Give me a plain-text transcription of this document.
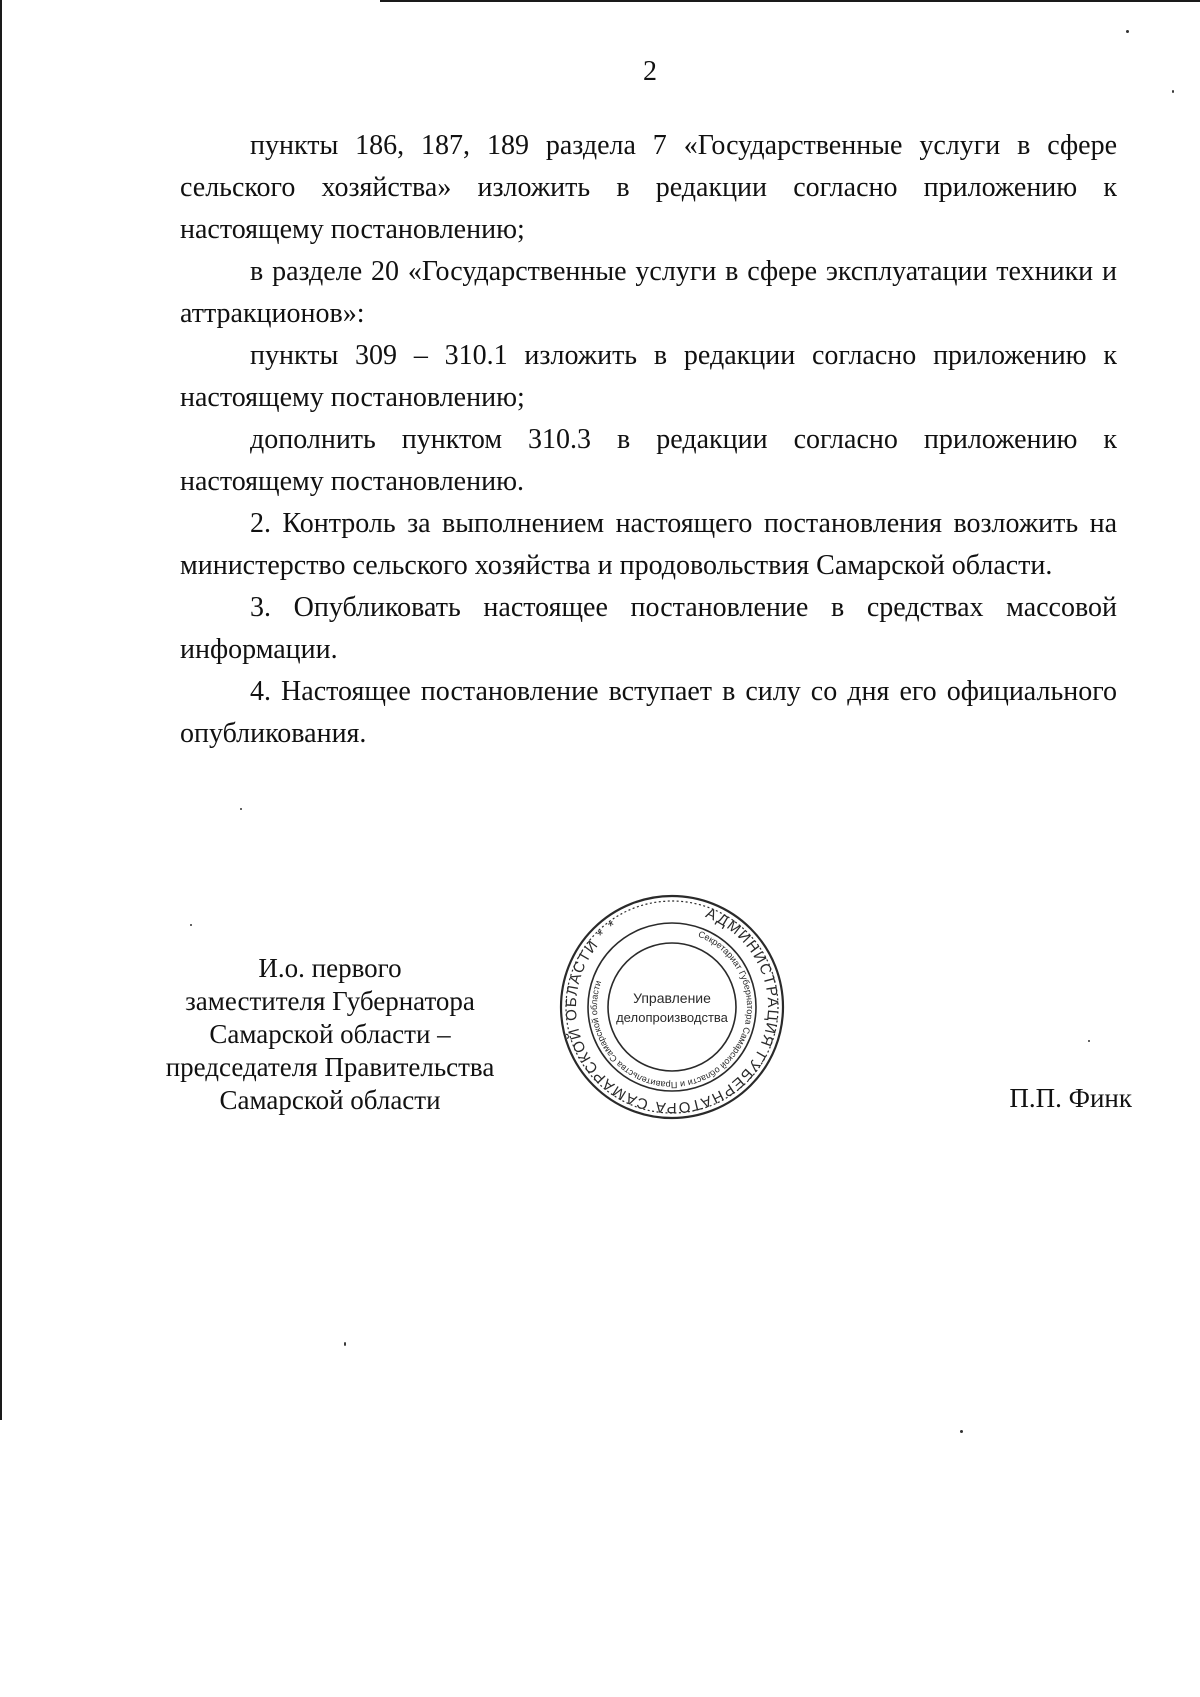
2

пункты 186, 187, 189 раздела 7 «Государственные услуги в сфере сельского хозяйства» изложить в редакции согласно приложению к настоящему постановлению;

в разделе 20 «Государственные услуги в сфере эксплуатации техники и аттракционов»:

пункты 309 – 310.1 изложить в редакции согласно приложению к настоящему постановлению;

дополнить пунктом 310.3 в редакции согласно приложению к настоящему постановлению.

2. Контроль за выполнением настоящего постановления возложить на министерство сельского хозяйства и продовольствия Самарской области.

3. Опубликовать настоящее постановление в средствах массовой информации.

4. Настоящее постановление вступает в силу со дня его официального опубликования.

И.о. первого
заместителя Губернатора
Самарской области –
председателя Правительства
Самарской области
АДМИНИСТРАЦИЯ ГУБЕРНАТОРА САМАРСКОЙ ОБЛАСТИ * *
Секретариат Губернатора Самарской области и Правительства Самарской области
Управление
делопроизводства
П.П. Финк
